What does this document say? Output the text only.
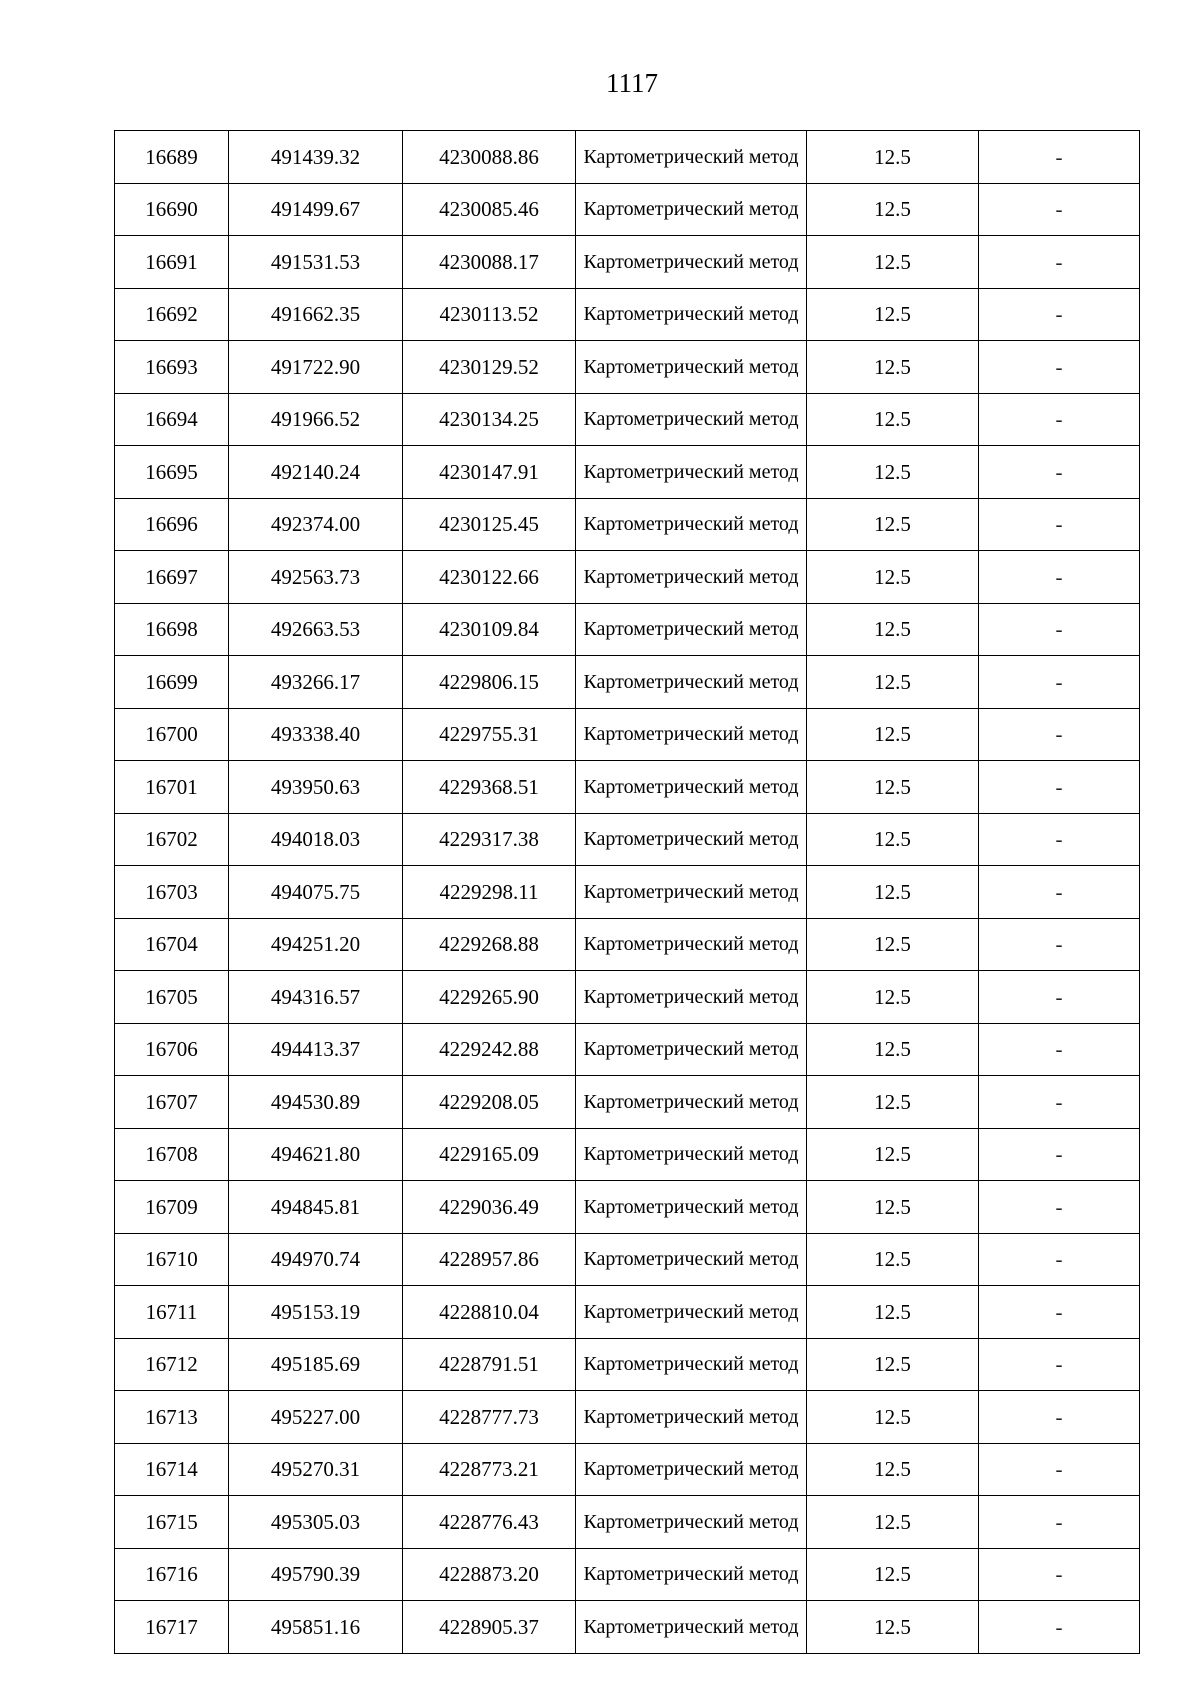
1117
16689	491439.32	4230088.86	Картометрический метод	12.5	-
16690	491499.67	4230085.46	Картометрический метод	12.5	-
16691	491531.53	4230088.17	Картометрический метод	12.5	-
16692	491662.35	4230113.52	Картометрический метод	12.5	-
16693	491722.90	4230129.52	Картометрический метод	12.5	-
16694	491966.52	4230134.25	Картометрический метод	12.5	-
16695	492140.24	4230147.91	Картометрический метод	12.5	-
16696	492374.00	4230125.45	Картометрический метод	12.5	-
16697	492563.73	4230122.66	Картометрический метод	12.5	-
16698	492663.53	4230109.84	Картометрический метод	12.5	-
16699	493266.17	4229806.15	Картометрический метод	12.5	-
16700	493338.40	4229755.31	Картометрический метод	12.5	-
16701	493950.63	4229368.51	Картометрический метод	12.5	-
16702	494018.03	4229317.38	Картометрический метод	12.5	-
16703	494075.75	4229298.11	Картометрический метод	12.5	-
16704	494251.20	4229268.88	Картометрический метод	12.5	-
16705	494316.57	4229265.90	Картометрический метод	12.5	-
16706	494413.37	4229242.88	Картометрический метод	12.5	-
16707	494530.89	4229208.05	Картометрический метод	12.5	-
16708	494621.80	4229165.09	Картометрический метод	12.5	-
16709	494845.81	4229036.49	Картометрический метод	12.5	-
16710	494970.74	4228957.86	Картометрический метод	12.5	-
16711	495153.19	4228810.04	Картометрический метод	12.5	-
16712	495185.69	4228791.51	Картометрический метод	12.5	-
16713	495227.00	4228777.73	Картометрический метод	12.5	-
16714	495270.31	4228773.21	Картометрический метод	12.5	-
16715	495305.03	4228776.43	Картометрический метод	12.5	-
16716	495790.39	4228873.20	Картометрический метод	12.5	-
16717	495851.16	4228905.37	Картометрический метод	12.5	-
